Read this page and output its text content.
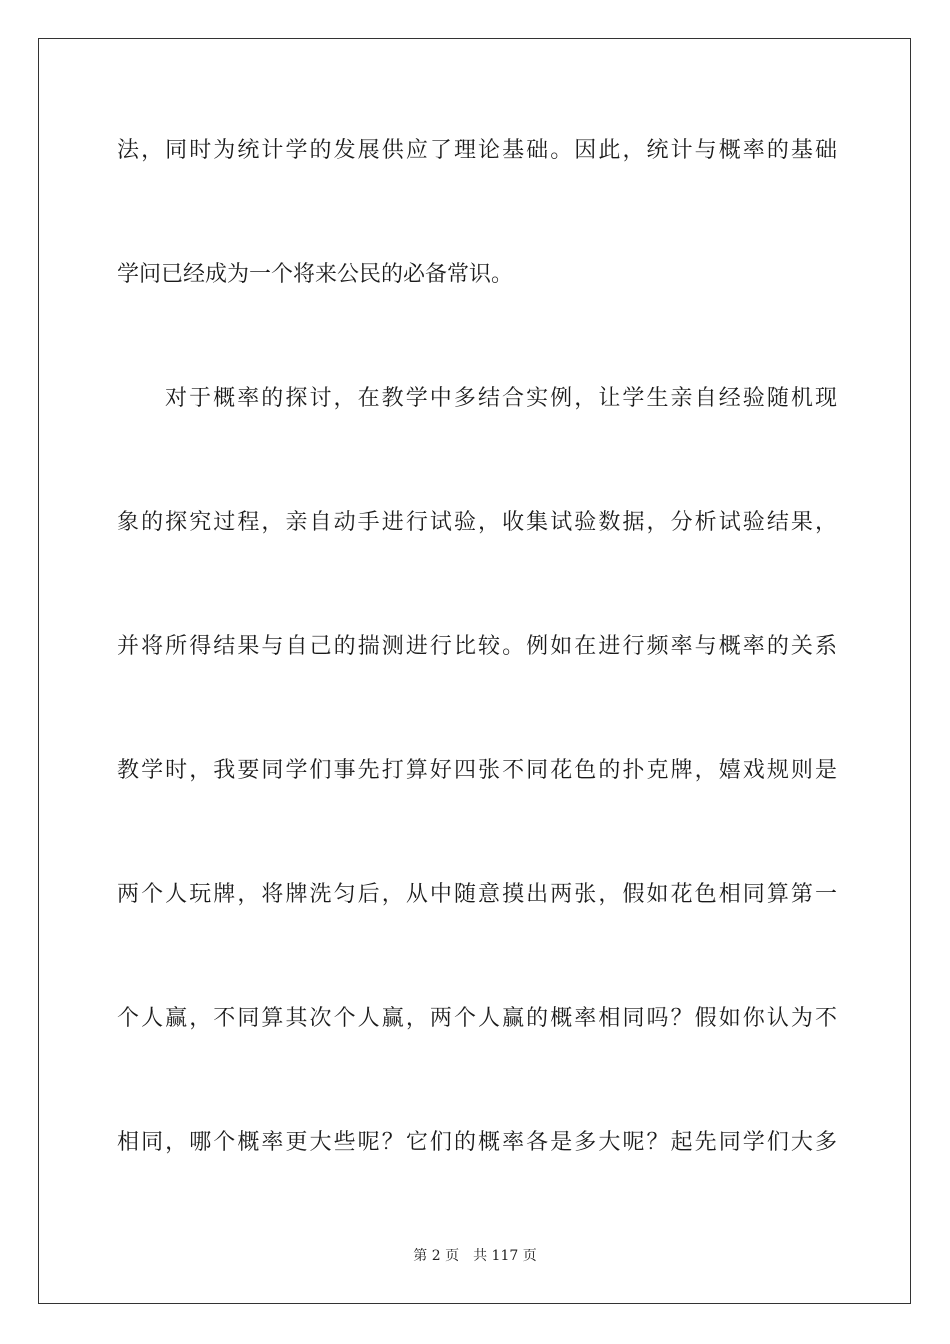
法，同时为统计学的发展供应了理论基础。因此，统计与概率的基础
学问已经成为一个将来公民的必备常识。
对于概率的探讨，在教学中多结合实例，让学生亲自经验随机现
象的探究过程，亲自动手进行试验，收集试验数据，分析试验结果，
并将所得结果与自己的揣测进行比较。例如在进行频率与概率的关系
教学时，我要同学们事先打算好四张不同花色的扑克牌，嬉戏规则是
两个人玩牌，将牌洗匀后，从中随意摸出两张，假如花色相同算第一
个人赢，不同算其次个人赢，两个人赢的概率相同吗？假如你认为不
相同，哪个概率更大些呢？它们的概率各是多大呢？起先同学们大多
第 2 页 共 117 页
